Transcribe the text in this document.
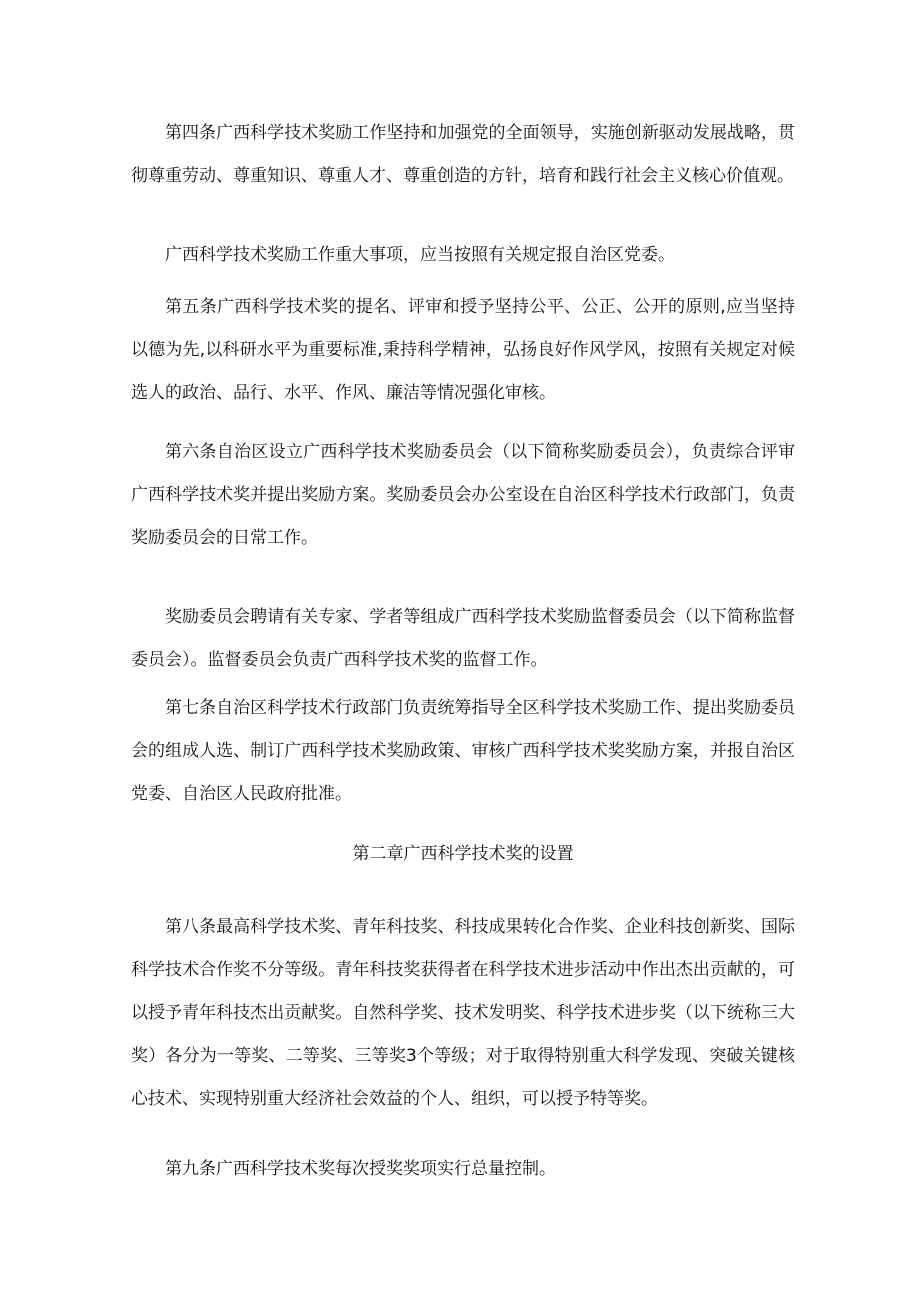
第四条广西科学技术奖励工作坚持和加强党的全面领导，实施创新驱动发展战略，贯彻尊重劳动、尊重知识、尊重人才、尊重创造的方针，培育和践行社会主义核心价值观。

广西科学技术奖励工作重大事项，应当按照有关规定报自治区党委。

第五条广西科学技术奖的提名、评审和授予坚持公平、公正、公开的原则,应当坚持以德为先,以科研水平为重要标准,秉持科学精神，弘扬良好作风学风，按照有关规定对候选人的政治、品行、水平、作风、廉洁等情况强化审核。

第六条自治区设立广西科学技术奖励委员会（以下简称奖励委员会），负责综合评审广西科学技术奖并提出奖励方案。奖励委员会办公室设在自治区科学技术行政部门，负责奖励委员会的日常工作。

奖励委员会聘请有关专家、学者等组成广西科学技术奖励监督委员会（以下简称监督委员会）。监督委员会负责广西科学技术奖的监督工作。

第七条自治区科学技术行政部门负责统筹指导全区科学技术奖励工作、提出奖励委员会的组成人选、制订广西科学技术奖励政策、审核广西科学技术奖奖励方案，并报自治区党委、自治区人民政府批准。

第二章广西科学技术奖的设置

第八条最高科学技术奖、青年科技奖、科技成果转化合作奖、企业科技创新奖、国际科学技术合作奖不分等级。青年科技奖获得者在科学技术进步活动中作出杰出贡献的，可以授予青年科技杰出贡献奖。自然科学奖、技术发明奖、科学技术进步奖（以下统称三大奖）各分为一等奖、二等奖、三等奖3个等级；对于取得特别重大科学发现、突破关键核心技术、实现特别重大经济社会效益的个人、组织，可以授予特等奖。

第九条广西科学技术奖每次授奖奖项实行总量控制。
